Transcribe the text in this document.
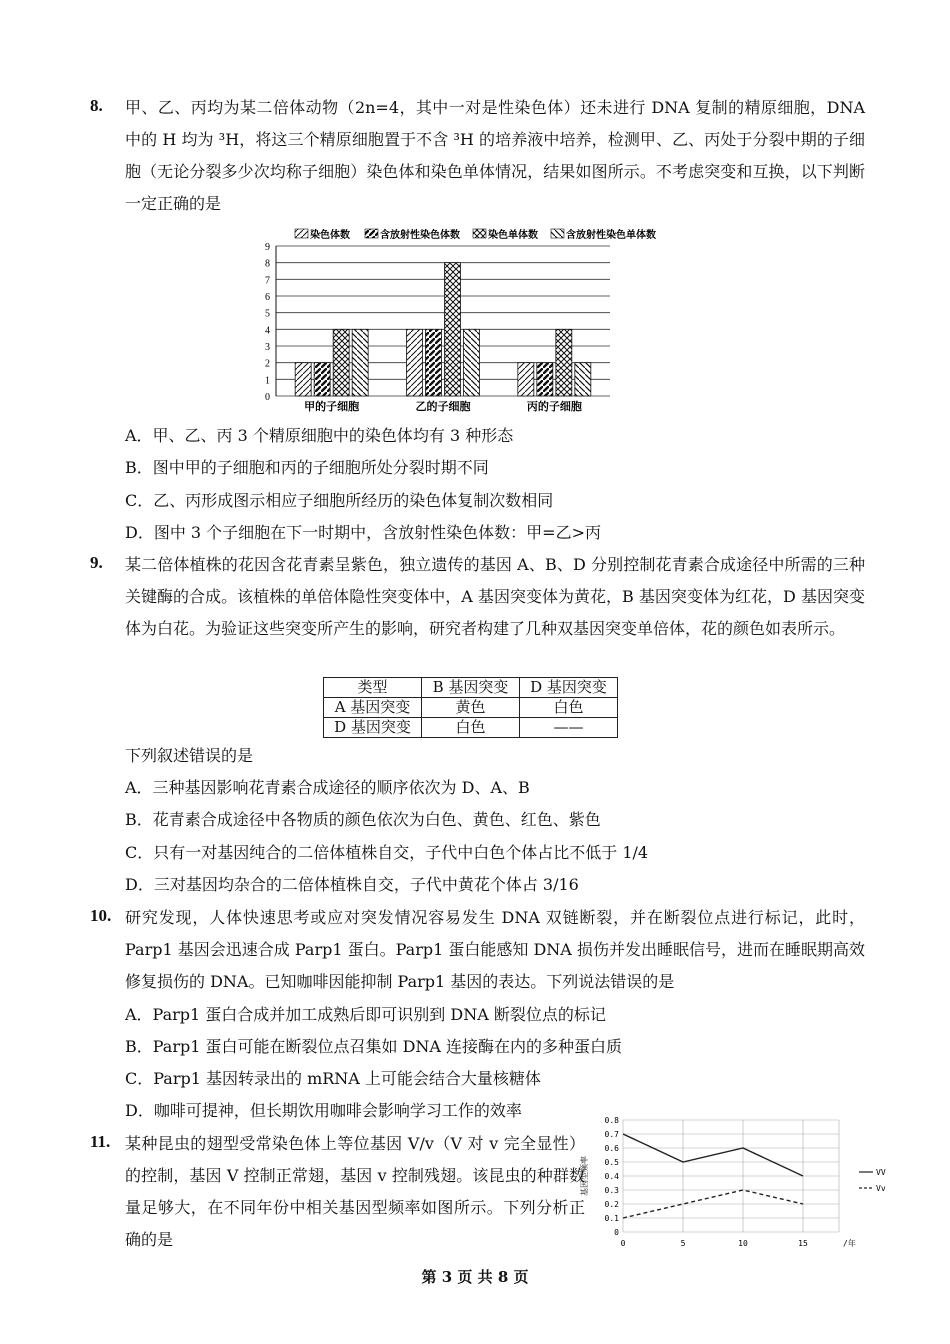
8. 甲、乙、丙均为某二倍体动物（2n=4，其中一对是性染色体）还未进行 DNA 复制的精原细胞，DNA 中的 H 均为 ³H，将这三个精原细胞置于不含 ³H 的培养液中培养，检测甲、乙、丙处于分裂中期的子细胞（无论分裂多少次均称子细胞）染色体和染色单体情况，结果如图所示。不考虑突变和互换，以下判断一定正确的是
0
1
2
3
4
5
6
7
8
9
染色体数	含放射性染色体数	染色单体数	含放射性染色单体数
甲的子细胞	乙的子细胞	丙的子细胞
A．甲、乙、丙 3 个精原细胞中的染色体均有 3 种形态
B．图中甲的子细胞和丙的子细胞所处分裂时期不同
C．乙、丙形成图示相应子细胞所经历的染色体复制次数相同
D．图中 3 个子细胞在下一时期中，含放射性染色体数：甲=乙>丙
9. 某二倍体植株的花因含花青素呈紫色，独立遗传的基因 A、B、D 分别控制花青素合成途径中所需的三种关键酶的合成。该植株的单倍体隐性突变体中，A 基因突变体为黄花，B 基因突变体为红花，D 基因突变体为白花。为验证这些突变所产生的影响，研究者构建了几种双基因突变单倍体，花的颜色如表所示。
类型	B 基因突变	D 基因突变
A 基因突变	黄色	白色
D 基因突变	白色	——
下列叙述错误的是
A．三种基因影响花青素合成途径的顺序依次为 D、A、B
B．花青素合成途径中各物质的颜色依次为白色、黄色、红色、紫色
C．只有一对基因纯合的二倍体植株自交，子代中白色个体占比不低于 1/4
D．三对基因均杂合的二倍体植株自交，子代中黄花个体占 3/16
10. 研究发现，人体快速思考或应对突发情况容易发生 DNA 双链断裂，并在断裂位点进行标记，此时，Parp1 基因会迅速合成 Parp1 蛋白。Parp1 蛋白能感知 DNA 损伤并发出睡眠信号，进而在睡眠期高效修复损伤的 DNA。已知咖啡因能抑制 Parp1 基因的表达。下列说法错误的是
A．Parp1 蛋白合成并加工成熟后即可识别到 DNA 断裂位点的标记
B．Parp1 蛋白可能在断裂位点召集如 DNA 连接酶在内的多种蛋白质
C．Parp1 基因转录出的 mRNA 上可能会结合大量核糖体
D．咖啡可提神，但长期饮用咖啡会影响学习工作的效率
11. 某种昆虫的翅型受常染色体上等位基因 V/v（V 对 v 完全显性）的控制，基因 V 控制正常翅，基因 v 控制残翅。该昆虫的种群数量足够大，在不同年份中相关基因型频率如图所示。下列分析正确的是	0
0.1
0.2
0.3
0.4
0.5
0.6
0.7
0.8
0	5	10	15	/年
基因型频率	VV
Vv
第 3 页 共 8 页
